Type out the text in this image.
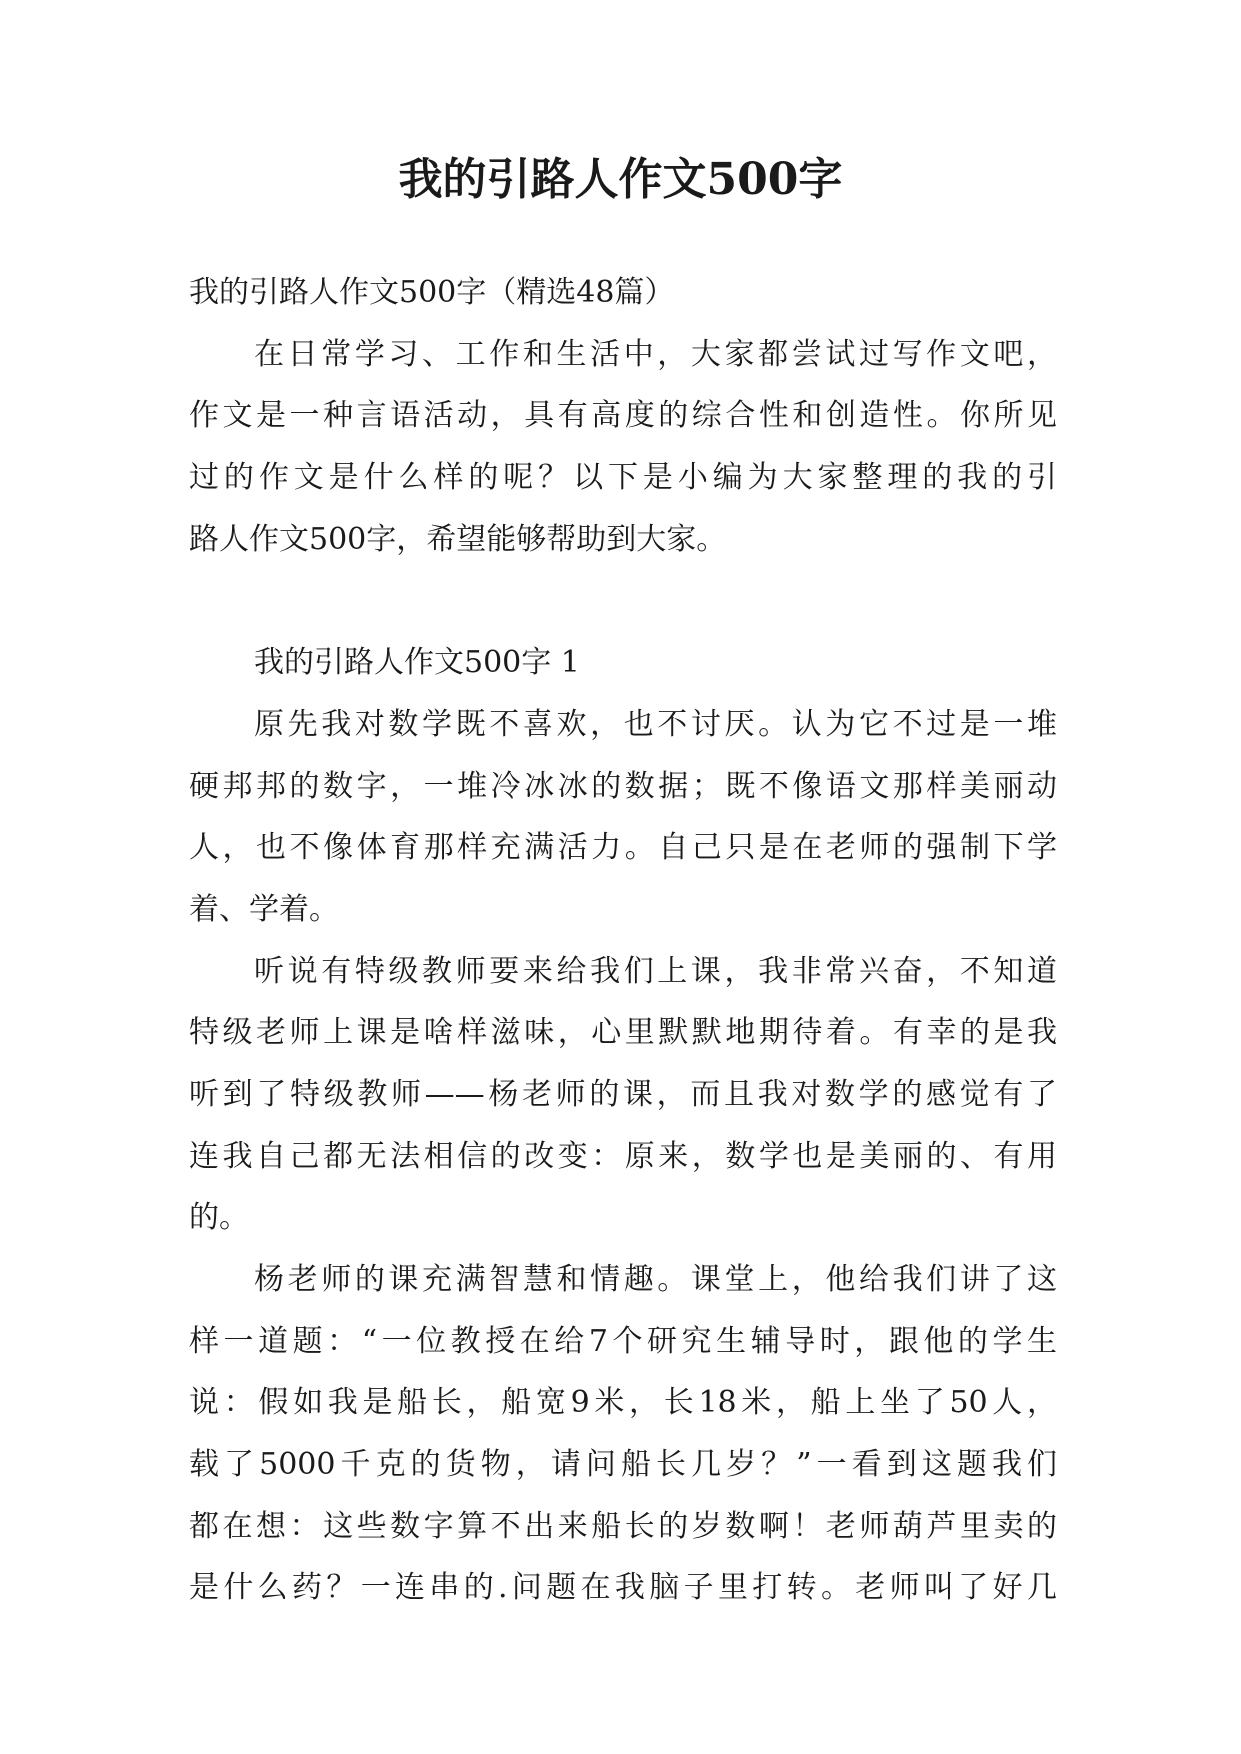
我的引路人作文500字

我的引路人作文500字（精选48篇）

在日常学习、工作和生活中，大家都尝试过写作文吧，

作文是一种言语活动，具有高度的综合性和创造性。你所见

过的作文是什么样的呢？以下是小编为大家整理的我的引

路人作文500字，希望能够帮助到大家。

我的引路人作文500字 1

原先我对数学既不喜欢，也不讨厌。认为它不过是一堆

硬邦邦的数字，一堆冷冰冰的数据；既不像语文那样美丽动

人，也不像体育那样充满活力。自己只是在老师的强制下学

着、学着。

听说有特级教师要来给我们上课，我非常兴奋，不知道

特级老师上课是啥样滋味，心里默默地期待着。有幸的是我

听到了特级教师——杨老师的课，而且我对数学的感觉有了

连我自己都无法相信的改变：原来，数学也是美丽的、有用

的。

杨老师的课充满智慧和情趣。课堂上，他给我们讲了这

样一道题：“一位教授在给7个研究生辅导时，跟他的学生

说：假如我是船长，船宽9米，长18米，船上坐了50人，

载了5000千克的货物，请问船长几岁？”一看到这题我们

都在想：这些数字算不出来船长的岁数啊！老师葫芦里卖的

是什么药？一连串的.问题在我脑子里打转。老师叫了好几
